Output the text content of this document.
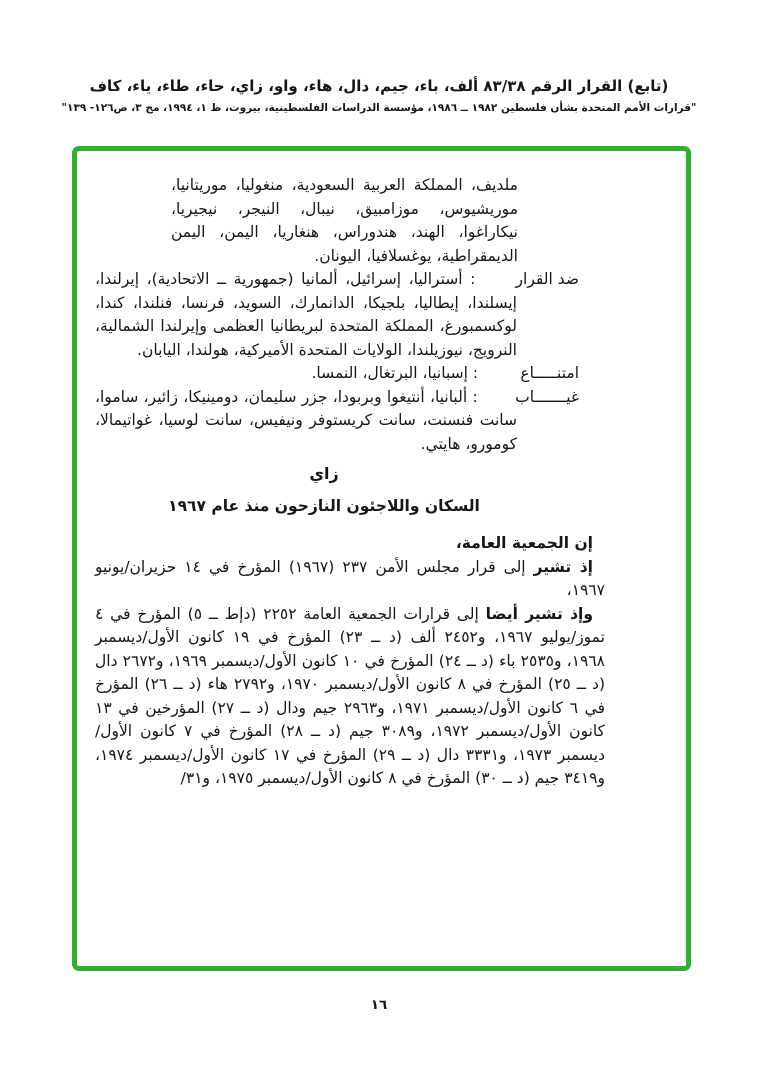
(تابع) القرار الرقم ٨٣/٣٨ ألف، باء، جيم، دال، هاء، واو، زاي، حاء، طاء، ياء، كاف
"قرارات الأمم المتحدة بشأن فلسطين ١٩٨٢ ــ ١٩٨٦، مؤسسة الدراسات الفلسطينية، بيروت، ط ١، ١٩٩٤، مج ٣، ص١٢٦- ١٣٩"
ملديف، المملكة العربية السعودية، منغوليا، موريتانيا، موريشيوس، موزامبيق، نيبال، النيجر، نيجيريا، نيكاراغوا، الهند، هندوراس، هنغاريا، اليمن، اليمن الديمقراطية، يوغسلافيا، اليونان.
ضد القرار : أستراليا، إسرائيل، ألمانيا (جمهورية ــ الاتحادية)، إيرلندا، إيسلندا، إيطاليا، بلجيكا، الدانمارك، السويد، فرنسا، فنلندا، كندا، لوكسمبورغ، المملكة المتحدة لبريطانيا العظمى وإيرلندا الشمالية، النرويج، نيوزيلندا، الولايات المتحدة الأميركية، هولندا، اليابان.
امتنـــــاع : إسبانيا، البرتغال، النمسا.
غيـــــــاب : ألبانيا، أنتيغوا وبربودا، جزر سليمان، دومينيكا، زائير، ساموا، سانت فنسنت، سانت كريستوفر ونيفيس، سانت لوسيا، غواتيمالا، كومورو، هايتي.
زاي
السكان واللاجئون النازحون منذ عام ١٩٦٧
إن الجمعية العامة،
إذ تشير إلى قرار مجلس الأمن ٢٣٧ (١٩٦٧) المؤرخ في ١٤ حزيران/يونيو ١٩٦٧،
وإذ تشير أيضا إلى قرارات الجمعية العامة ٢٢٥٢ (دإط ــ ٥) المؤرخ في ٤ تموز/يوليو ١٩٦٧، و٢٤٥٢ ألف (د ــ ٢٣) المؤرخ في ١٩ كانون الأول/ديسمبر ١٩٦٨، و٢٥٣٥ باء (د ــ ٢٤) المؤرخ في ١٠ كانون الأول/ديسمبر ١٩٦٩، و٢٦٧٢ دال (د ــ ٢٥) المؤرخ في ٨ كانون الأول/ديسمبر ١٩٧٠، و٢٧٩٢ هاء (د ــ ٢٦) المؤرخ في ٦ كانون الأول/ديسمبر ١٩٧١، و٢٩٦٣ جيم ودال (د ــ ٢٧) المؤرخين في ١٣ كانون الأول/ديسمبر ١٩٧٢، و٣٠٨٩ جيم (د ــ ٢٨) المؤرخ في ٧ كانون الأول/ديسمبر ١٩٧٣، و٣٣٣١ دال (د ــ ٢٩) المؤرخ في ١٧ كانون الأول/ديسمبر ١٩٧٤، و٣٤١٩ جيم (د ــ ٣٠) المؤرخ في ٨ كانون الأول/ديسمبر ١٩٧٥، و٣١/
١٦
